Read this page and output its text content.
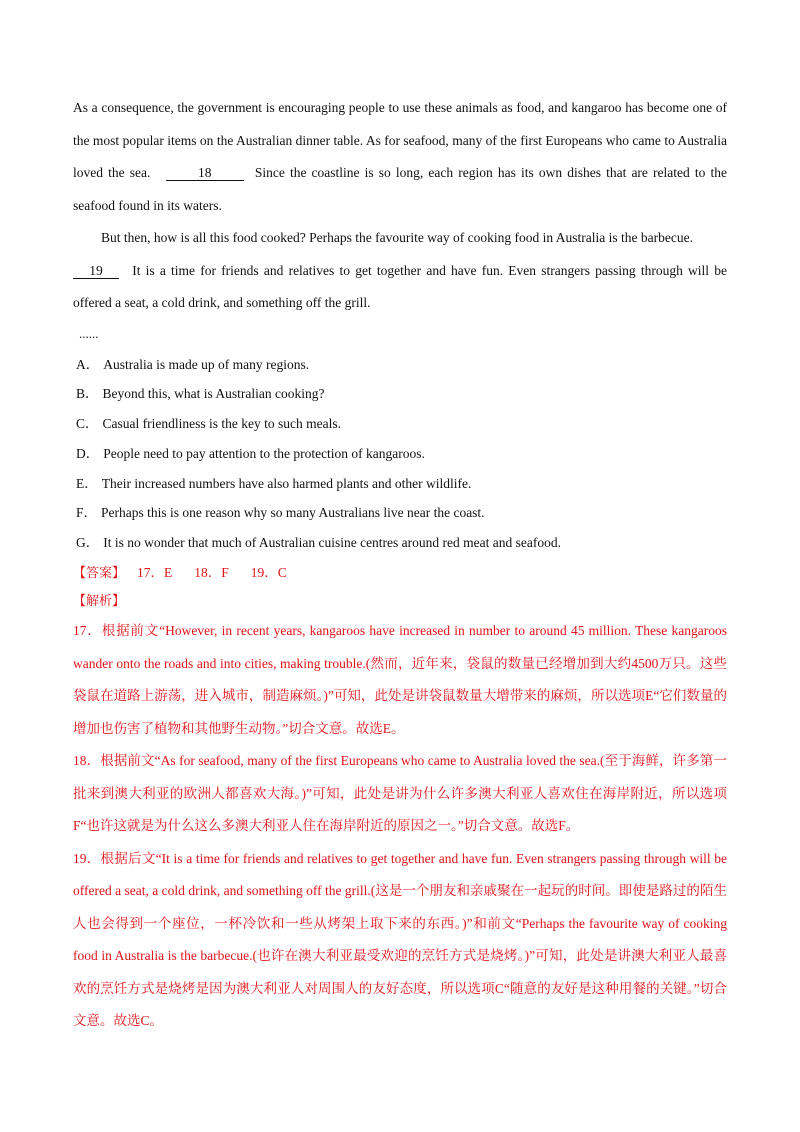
As a consequence, the government is encouraging people to use these animals as food, and kangaroo has become one of the most popular items on the Australian dinner table. As for seafood, many of the first Europeans who came to Australia loved the sea.	18	Since the coastline is so long, each region has its own dishes that are related to the seafood found in its waters.

But then, how is all this food cooked? Perhaps the favourite way of cooking food in Australia is the barbecue.

19 It is a time for friends and relatives to get together and have fun. Even strangers passing through will be offered a seat, a cold drink, and something off the grill.

......

A． Australia is made up of many regions.
B． Beyond this, what is Australian cooking?
C． Casual friendliness is the key to such meals.
D． People need to pay attention to the protection of kangaroos.
E． Their increased numbers have also harmed plants and other wildlife.
F． Perhaps this is one reason why so many Australians live near the coast.
G． It is no wonder that much of Australian cuisine centres around red meat and seafood.

【答案】 17．E 18．F 19．C

【解析】

17．根据前文“However, in recent years, kangaroos have increased in number to around 45 million. These kangaroos wander onto the roads and into cities, making trouble.(然而，近年来，袋鼠的数量已经增加到大约4500万只。这些袋鼠在道路上游荡，进入城市，制造麻烦。)”可知，此处是讲袋鼠数量大增带来的麻烦，所以选项E“它们数量的增加也伤害了植物和其他野生动物。”切合文意。故选E。

18．根据前文“As for seafood, many of the first Europeans who came to Australia loved the sea.(至于海鲜，许多第一批来到澳大利亚的欧洲人都喜欢大海。)”可知，此处是讲为什么许多澳大利亚人喜欢住在海岸附近，所以选项F“也许这就是为什么这么多澳大利亚人住在海岸附近的原因之一。”切合文意。故选F。

19．根据后文“It is a time for friends and relatives to get together and have fun. Even strangers passing through will be offered a seat, a cold drink, and something off the grill.(这是一个朋友和亲戚聚在一起玩的时间。即使是路过的陌生人也会得到一个座位，一杯冷饮和一些从烤架上取下来的东西。)”和前文“Perhaps the favourite way of cooking food in Australia is the barbecue.(也许在澳大利亚最受欢迎的烹饪方式是烧烤。)”可知，此处是讲澳大利亚人最喜欢的烹饪方式是烧烤是因为澳大利亚人对周围人的友好态度，所以选项C“随意的友好是这种用餐的关键。”切合文意。故选C。
